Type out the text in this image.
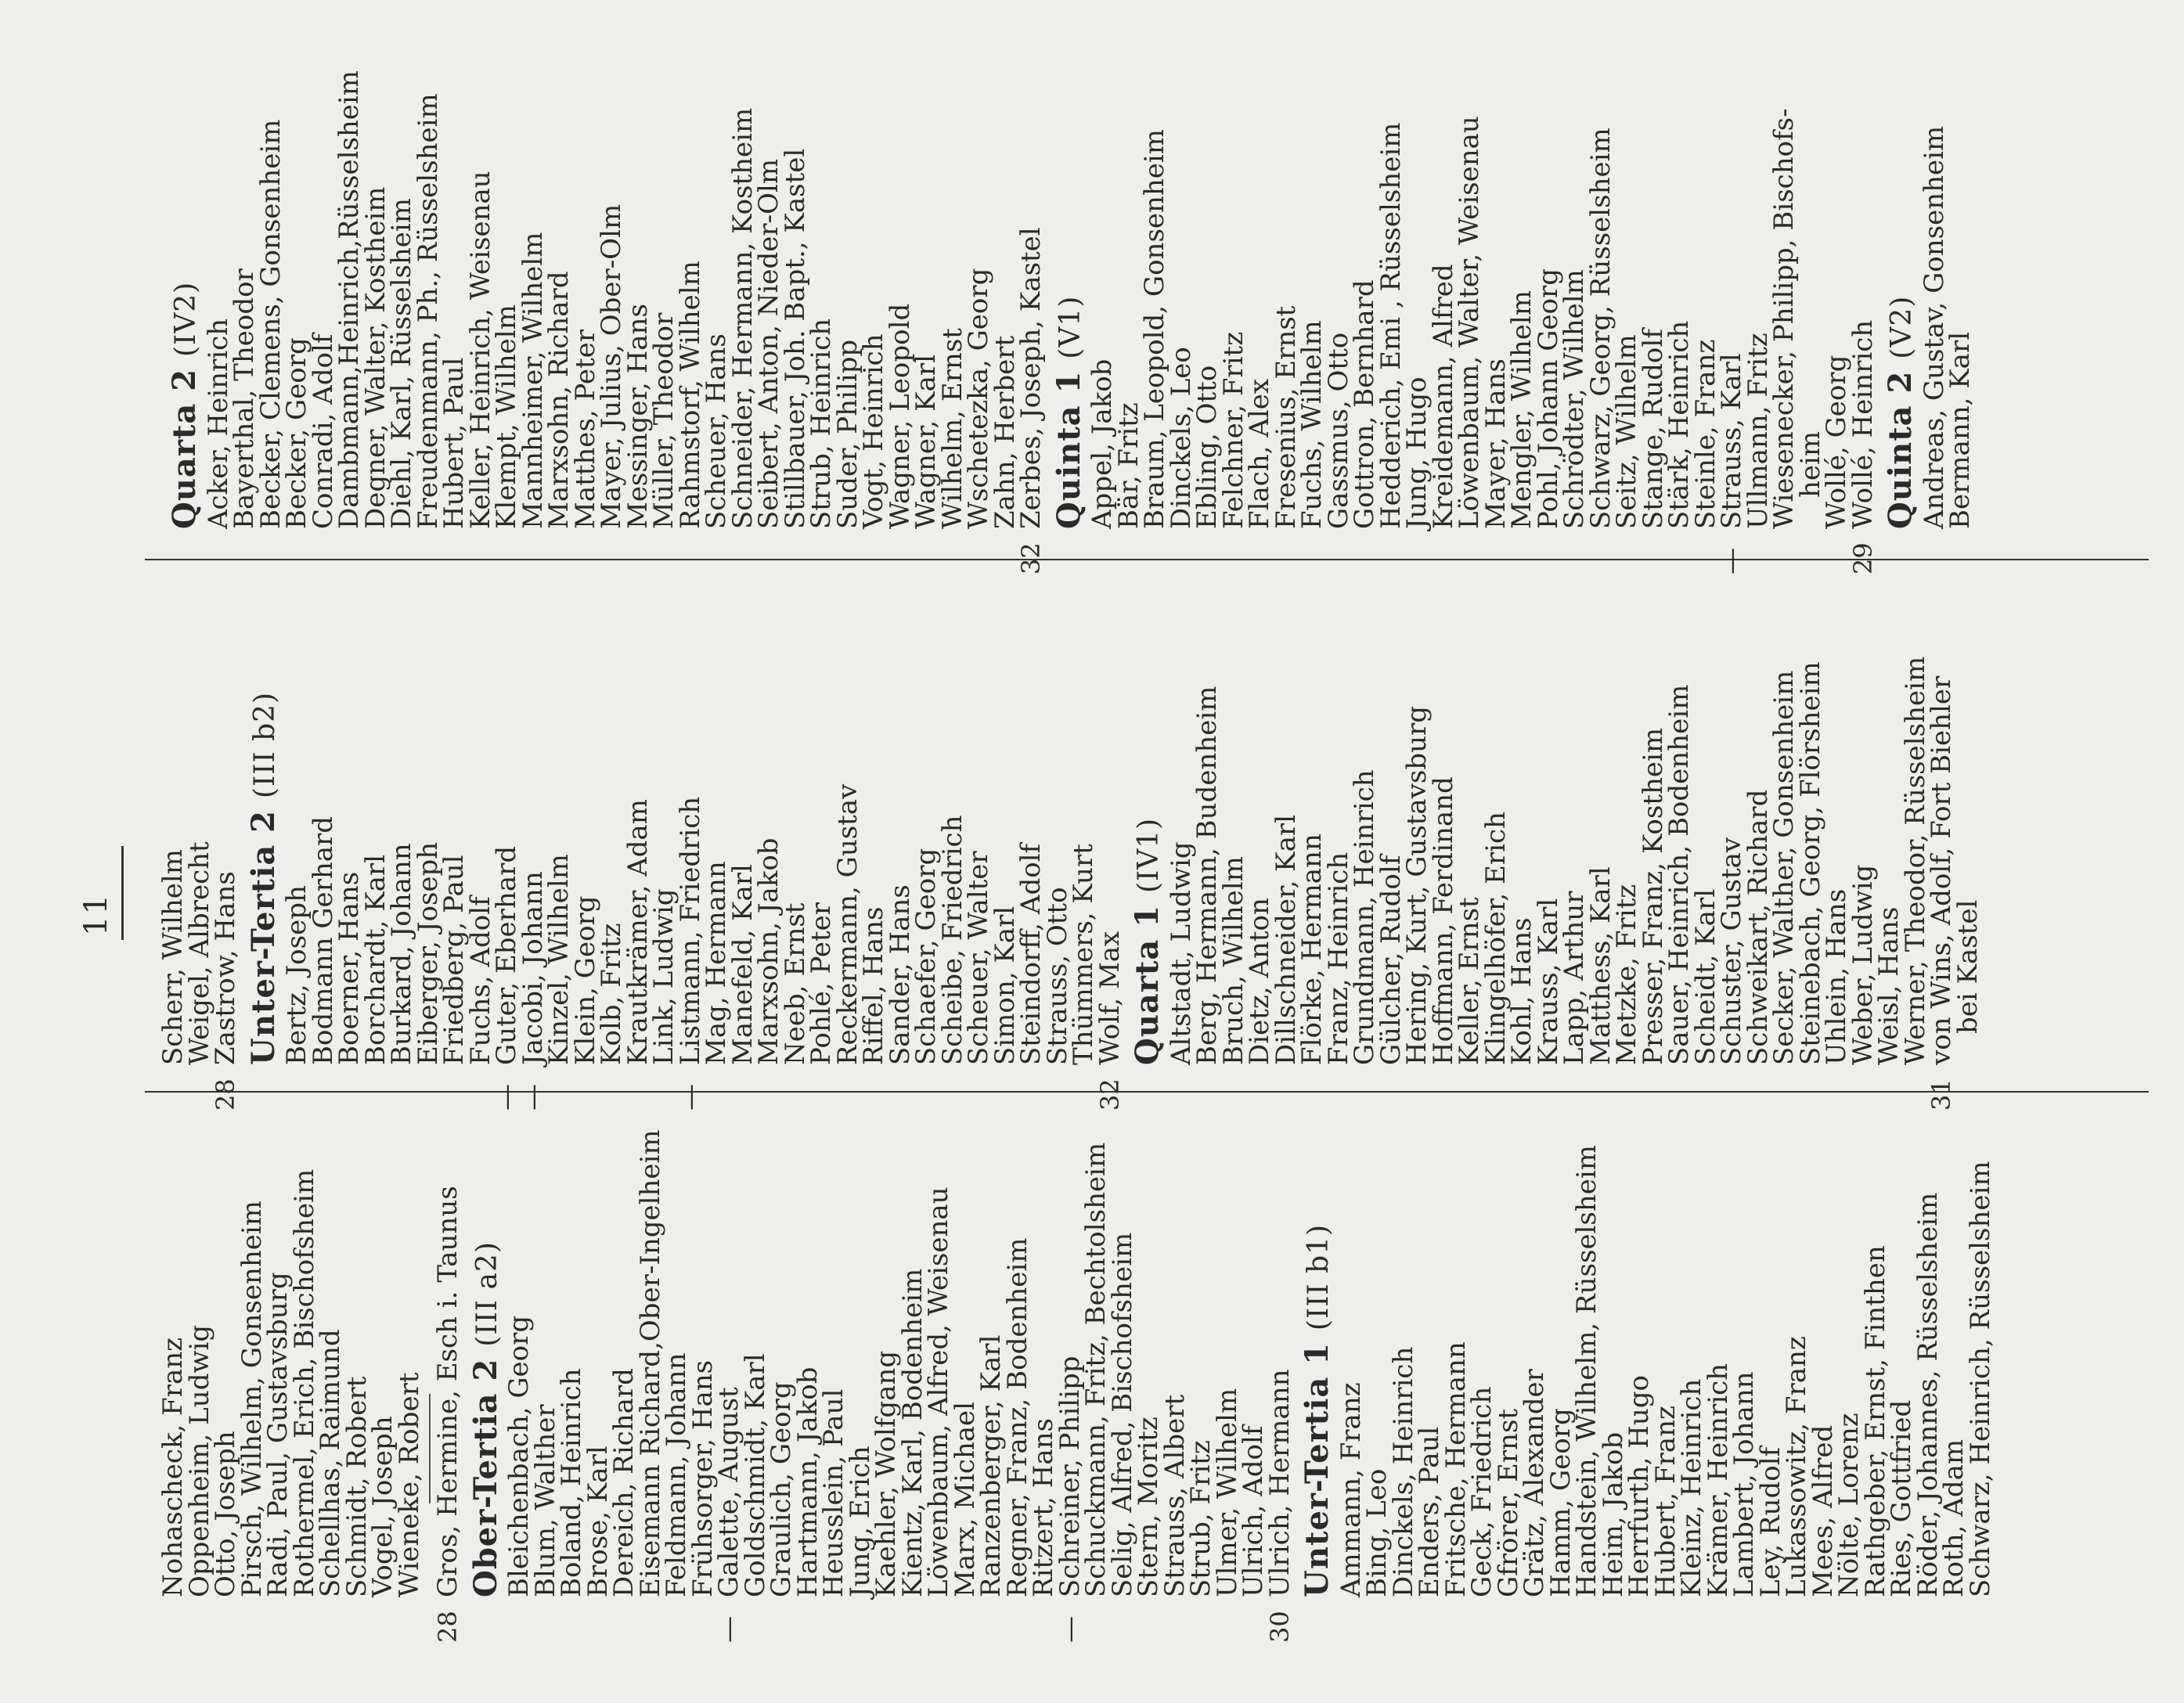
11
Nohascheck, Franz
Oppenheim, Ludwig
Otto, Joseph
Pirsch, Wilhelm, Gonsenheim
Radi, Paul, Gustavsburg
Rothermel, Erich, Bischofsheim
Schellhas, Raimund
Schmidt, Robert
Vogel, Joseph
Wieneke, Robert
28
Gros, Hermine, Esch i. Taunus Ober-Tertia 2 (III a2)
Bleichenbach, Georg
Blum, Walther
Boland, Heinrich
Brose, Karl
Dereich, Richard
Eisemann Richard,Ober-Ingelheim
Feldmann, Johann
Frühsorger, Hans
—
Galette, August
Goldschmidt, Karl
Graulich, Georg
Hartmann, Jakob
Heusslein, Paul
Jung, Erich
Kaehler, Wolfgang
Kientz, Karl, Bodenheim
Löwenbaum, Alfred, Weisenau
Marx, Michael
Ranzenberger, Karl
Regner, Franz, Bodenheim
Ritzert, Hans
—
Schreiner, Philipp
Schuckmann, Fritz, Bechtolsheim
Selig, Alfred, Bischofsheim
Stern, Moritz
Strauss, Albert
Strub, Fritz
Ulmer, Wilhelm
Ulrich, Adolf
30
Ulrich, Hermann Unter-Tertia 1 (III b1)
Ammann, Franz
Bing, Leo
Dinckels, Heinrich
Enders, Paul
Fritsche, Hermann
Geck, Friedrich
Gfrörer, Ernst
Grätz, Alexander
Hamm, Georg
Handstein, Wilhelm, Rüsselsheim
Heim, Jakob
Herrfurth, Hugo
Hubert, Franz
Kleinz, Heinrich
Krämer, Heinrich
Lambert, Johann
Ley, Rudolf
Lukassowitz, Franz
Mees, Alfred
Nölte, Lorenz
Rathgeber, Ernst, Finthen
Ries, Gottfried
Röder, Johannes, Rüsselsheim
Roth, Adam
Schwarz, Heinrich, Rüsselsheim
Scherr, Wilhelm
Weigel, Albrecht
28
Zastrow, Hans Unter-Tertia 2 (III b2)
Bertz, Joseph
Bodmann Gerhard
Boerner, Hans
Borchardt, Karl
Burkard, Johann
Eiberger, Joseph
Friedberg, Paul
Fuchs, Adolf
—
Guter, Eberhard
—
Jacobi, Johann
Kinzel, Wilhelm
Klein, Georg
Kolb, Fritz
Krautkrämer, Adam
Link, Ludwig
—
Listmann, Friedrich
Mag, Hermann
Manefeld, Karl
Marxsohn, Jakob
Neeb, Ernst
Pohlé, Peter
Reckermann, Gustav
Riffel, Hans
Sander, Hans
Schaefer, Georg
Scheibe, Friedrich
Scheuer, Walter
Simon, Karl
Steindorff, Adolf
Strauss, Otto
Thümmers, Kurt
32
Wolf, Max Quarta 1 (IV1) Altstadt, Ludwig
Berg, Hermann, Budenheim
Bruch, Wilhelm
Dietz, Anton
Dillschneider, Karl
Flörke, Hermann
Franz, Heinrich
Grundmann, Heinrich
Gülcher, Rudolf
Hering, Kurt, Gustavsburg
Hoffmann, Ferdinand
Keller, Ernst
Klingelhöfer, Erich
Kohl, Hans
Krauss, Karl
Lapp, Arthur
Matthess, Karl
Metzke, Fritz
Presser, Franz, Kostheim
Sauer, Heinrich, Bodenheim
Scheidt, Karl
Schuster, Gustav
Schweikart, Richard
Secker, Walther, Gonsenheim
Steinebach, Georg, Flörsheim
Uhlein, Hans
Weber, Ludwig
Weisl, Hans
Werner, Theodor, Rüsselsheim
31
von Wins, Adolf, Fort Biehler
bei Kastel
Quarta 2 (IV2) Acker, Heinrich
Bayerthal, Theodor
Becker, Clemens, Gonsenheim
Becker, Georg
Conradi, Adolf
Dambmann,Heinrich,Rüsselsheim
Degner, Walter, Kostheim
Diehl, Karl, Rüsselsheim
Freudenmann, Ph., Rüsselsheim
Hubert, Paul
Keller, Heinrich, Weisenau
Klempt, Wilhelm
Mannheimer, Wilhelm
Marxsohn, Richard
Matthes, Peter
Mayer, Julius, Ober-Olm
Messinger, Hans
Müller, Theodor
Rahmstorf, Wilhelm
Scheuer, Hans
Schneider, Hermann, Kostheim
Seibert, Anton, Nieder-Olm
Stillbauer, Joh. Bapt., Kastel
Strub, Heinrich
Suder, Philipp
Vogt, Heinrich
Wagner, Leopold
Wagner, Karl
Wilhelm, Ernst
Wschetezka, Georg
Zahn, Herbert
32
Zerbes, Joseph, Kastel Quinta 1 (V1)
Appel, Jakob
Bär, Fritz
Braum, Leopold, Gonsenheim
Dinckels, Leo
Ebling, Otto
Felchner, Fritz
Flach, Alex
Fresenius, Ernst
Fuchs, Wilhelm
Gassmus, Otto
Gottron, Bernhard
Hedderich, Emi , Rüsselsheim
Jung, Hugo
Kreidemann, Alfred
Löwenbaum, Walter, Weisenau
Mayer, Hans
Mengler, Wilhelm
Pohl, Johann Georg
Schrödter, Wilhelm
Schwarz, Georg, Rüsselsheim
Seitz, Wilhelm
Stange, Rudolf
Stärk, Heinrich
Steinle, Franz
—
Strauss, Karl
Ullmann, Fritz
Wiesenecker, Philipp, Bischofs-
heim
Wollé, Georg
29
Wollé, Heinrich Quinta 2 (V2) Andreas, Gustav, Gonsenheim
Bermann, Karl
